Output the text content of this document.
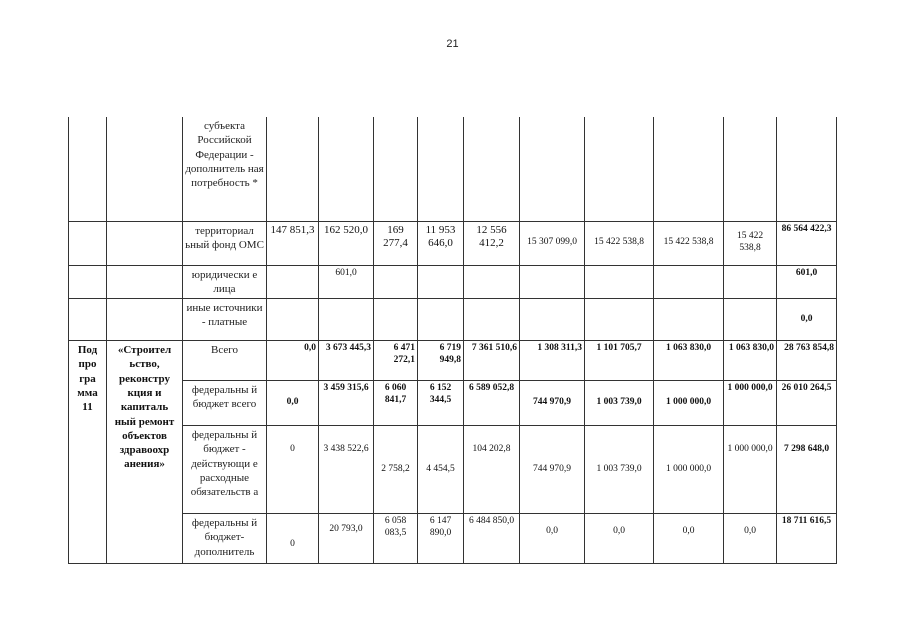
21
		субъекта Российской Федерации - дополнитель ная потребность *										
		территориал ьный фонд ОМС	147 851,3	162 520,0	169 277,4	11 953 646,0	12 556 412,2	15 307 099,0	15 422 538,8	15 422 538,8	15 422 538,8	86 564 422,3
		юридически е лица		601,0								601,0
		иные источники - платные										0,0
Под про гра мма 11	«Строител ьство, реконстру кция и капиталь ный ремонт объектов здравоохр анения»	Всего	0,0	3 673 445,3	6 471 272,1	6 719 949,8	7 361 510,6	1 308 311,3	1 101 705,7	1 063 830,0	1 063 830,0	28 763 854,8
		федеральны й бюджет всего	0,0	3 459 315,6	6 060 841,7	6 152 344,5	6 589 052,8	744 970,9	1 003 739,0	1 000 000,0	1 000 000,0	26 010 264,5
		федеральны й бюджет - действующи е расходные обязательств а	0	3 438 522,6	2 758,2	4 454,5	104 202,8	744 970,9	1 003 739,0	1 000 000,0	1 000 000,0	7 298 648,0
		федеральны й бюджет- дополнитель	0	20 793,0	6 058 083,5	6 147 890,0	6 484 850,0	0,0	0,0	0,0	0,0	18 711 616,5
